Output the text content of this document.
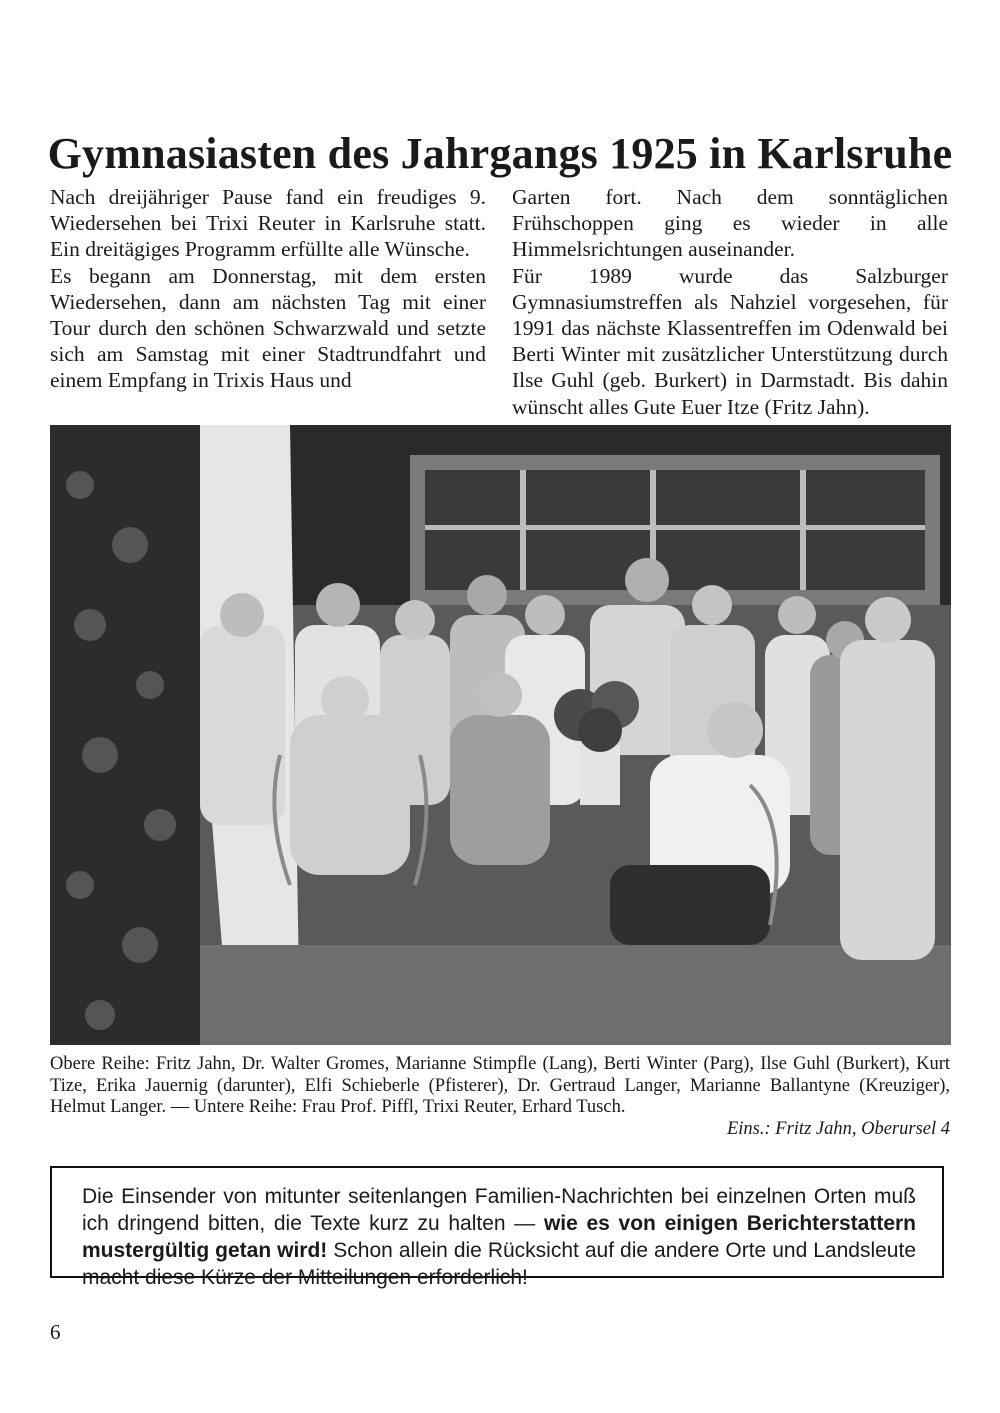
Gymnasiasten des Jahrgangs 1925 in Karlsruhe

Nach dreijähriger Pause fand ein freudiges 9. Wiedersehen bei Trixi Reuter in Karlsruhe statt. Ein dreitägiges Programm erfüllte alle Wünsche.

Es begann am Donnerstag, mit dem ersten Wiedersehen, dann am nächsten Tag mit einer Tour durch den schönen Schwarzwald und setzte sich am Samstag mit einer Stadtrundfahrt und einem Empfang in Trixis Haus und

Garten fort. Nach dem sonntäglichen Frühschoppen ging es wieder in alle Himmelsrichtungen auseinander.

Für 1989 wurde das Salzburger Gymnasiumstreffen als Nahziel vorgesehen, für 1991 das nächste Klassentreffen im Odenwald bei Berti Winter mit zusätzlicher Unterstützung durch Ilse Guhl (geb. Burkert) in Darmstadt. Bis dahin wünscht alles Gute Euer Itze (Fritz Jahn).

Obere Reihe: Fritz Jahn, Dr. Walter Gromes, Marianne Stimpfle (Lang), Berti Winter (Parg), Ilse Guhl (Burkert), Kurt Tize, Erika Jauernig (darunter), Elfi Schieberle (Pfisterer), Dr. Gertraud Langer, Marianne Ballantyne (Kreuziger), Helmut Langer. — Untere Reihe: Frau Prof. Piffl, Trixi Reuter, Erhard Tusch.

Eins.: Fritz Jahn, Oberursel 4
Die Einsender von mitunter seitenlangen Familien-Nachrichten bei einzelnen Orten muß ich dringend bitten, die Texte kurz zu halten — wie es von einigen Berichterstattern mustergültig getan wird! Schon allein die Rücksicht auf die andere Orte und Landsleute macht diese Kürze der Mitteilungen erforderlich!
6
